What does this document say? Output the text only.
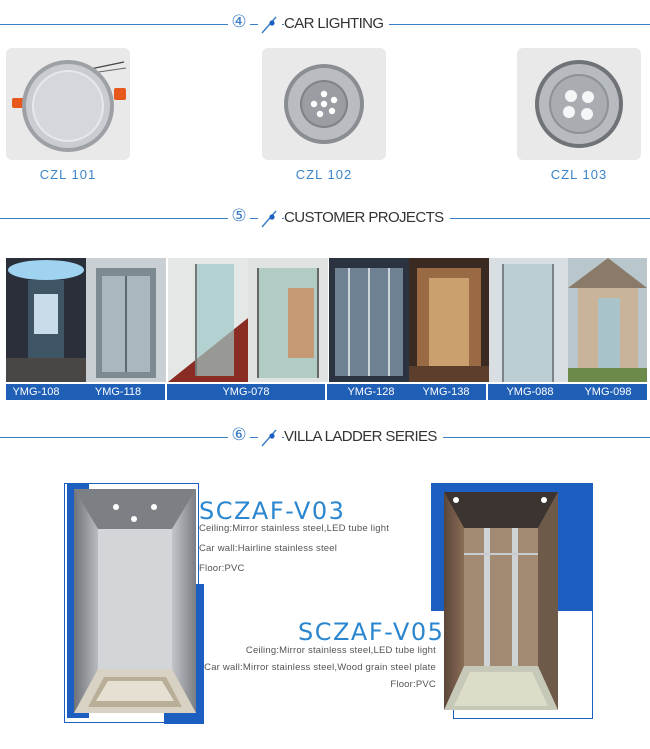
④ CAR LIGHTING
CZL 101	CZL 102	CZL 103
⑤ CUSTOMER PROJECTS
YMG-108	YMG-118	YMG-078	YMG-128	YMG-138	YMG-088	YMG-098
⑥ VILLA LADDER SERIES
SCZAF-V03
Ceiling:Mirror stainless steel,LED tube light
Car wall:Hairline stainless steel
Floor:PVC
SCZAF-V05
Ceiling:Mirror stainless steel,LED tube light
Car wall:Mirror stainless steel,Wood grain steel plate
Floor:PVC
